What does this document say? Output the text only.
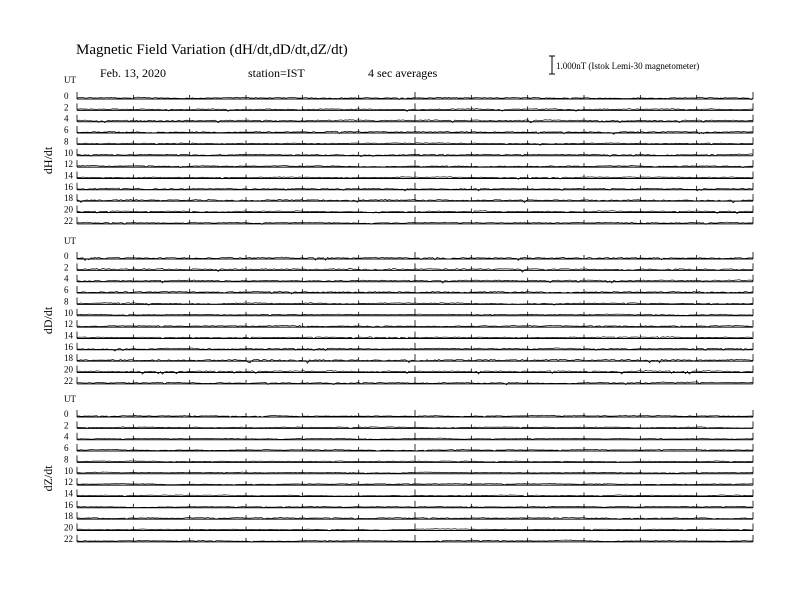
Magnetic Field Variation (dH/dt,dD/dt,dZ/dt)
Feb. 13, 2020	station=IST	4 sec averages	1.000nT (Istok Lemi-30 magnetometer)
UT
dH/dt
0
2
4
6
8
10
12
14
16
18
20
22
UT
dD/dt
0
2
4
6
8
10
12
14
16
18
20
22
UT
dZ/dt
0
2
4
6
8
10
12
14
16
18
20
22
